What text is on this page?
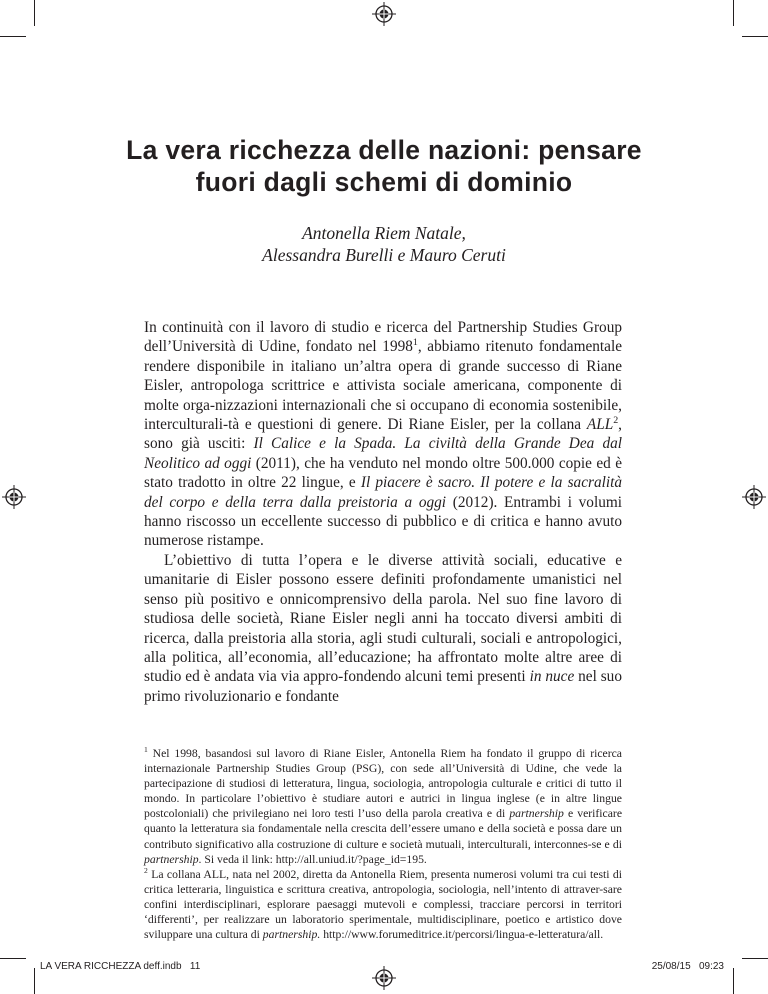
La vera ricchezza delle nazioni: pensare
fuori dagli schemi di dominio
Antonella Riem Natale,
Alessandra Burelli e Mauro Ceruti

In continuità con il lavoro di studio e ricerca del Partnership Studies Group dell’Università di Udine, fondato nel 1998$^1$, abbiamo ritenuto fondamentale rendere disponibile in italiano un’altra opera di grande successo di Riane Eisler, antropologa scrittrice e attivista sociale americana, componente di molte orga-nizzazioni internazionali che si occupano di economia sostenibile, interculturali-tà e questioni di genere. Di Riane Eisler, per la collana ALL$^2$, sono già usciti: Il Calice e la Spada. La civiltà della Grande Dea dal Neolitico ad oggi (2011), che ha venduto nel mondo oltre 500.000 copie ed è stato tradotto in oltre 22 lingue, e Il piacere è sacro. Il potere e la sacralità del corpo e della terra dalla preistoria a oggi (2012). Entrambi i volumi hanno riscosso un eccellente successo di pubblico e di critica e hanno avuto numerose ristampe.

L’obiettivo di tutta l’opera e le diverse attività sociali, educative e umanitarie di Eisler possono essere definiti profondamente umanistici nel senso più positivo e onnicomprensivo della parola. Nel suo fine lavoro di studiosa delle società, Riane Eisler negli anni ha toccato diversi ambiti di ricerca, dalla preistoria alla storia, agli studi culturali, sociali e antropologici, alla politica, all’economia, all’educazione; ha affrontato molte altre aree di studio ed è andata via via appro-fondendo alcuni temi presenti in nuce nel suo primo rivoluzionario e fondante

$^1$ Nel 1998, basandosi sul lavoro di Riane Eisler, Antonella Riem ha fondato il gruppo di ricerca internazionale Partnership Studies Group (PSG), con sede all’Università di Udine, che vede la partecipazione di studiosi di letteratura, lingua, sociologia, antropologia culturale e critici di tutto il mondo. In particolare l’obiettivo è studiare autori e autrici in lingua inglese (e in altre lingue postcoloniali) che privilegiano nei loro testi l’uso della parola creativa e di partnership e verificare quanto la letteratura sia fondamentale nella crescita dell’essere umano e della società e possa dare un contributo significativo alla costruzione di culture e società mutuali, interculturali, interconnes-se e di partnership. Si veda il link: http://all.uniud.it/?page_id=195.

$^2$ La collana ALL, nata nel 2002, diretta da Antonella Riem, presenta numerosi volumi tra cui testi di critica letteraria, linguistica e scrittura creativa, antropologia, sociologia, nell’intento di attraver-sare confini interdisciplinari, esplorare paesaggi mutevoli e complessi, tracciare percorsi in territori ‘differenti’, per realizzare un laboratorio sperimentale, multidisciplinare, poetico e artistico dove sviluppare una cultura di partnership. http://www.forumeditrice.it/percorsi/lingua-e-letteratura/all.

LA VERA RICCHEZZA deff.indb   11	25/08/15   09:23
